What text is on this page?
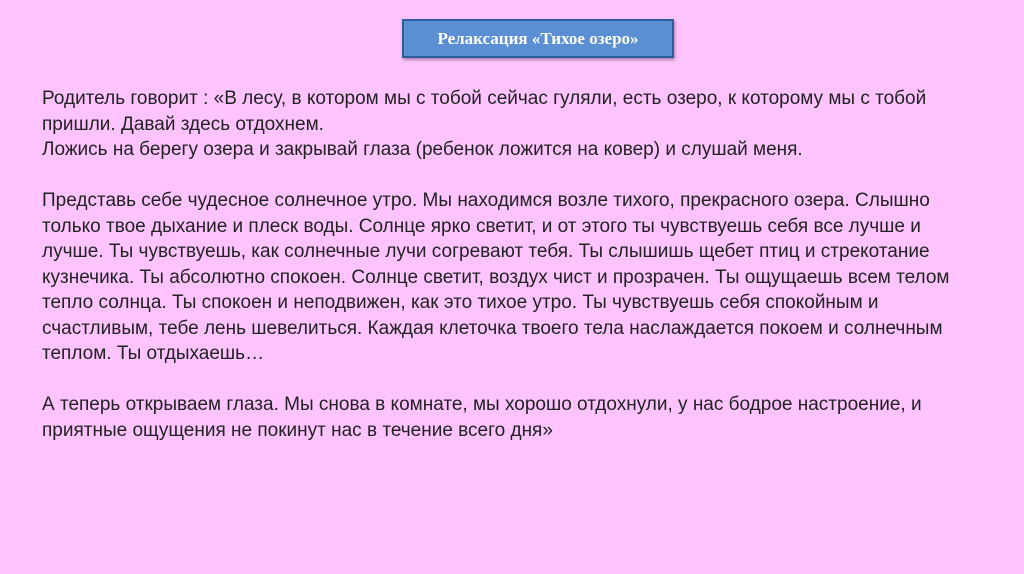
Релаксация «Тихое озеро»

Родитель говорит : «В лесу, в котором мы с тобой сейчас гуляли, есть озеро, к которому мы с тобой
пришли. Давай здесь отдохнем.
Ложись на берегу озера и закрывай глаза (ребенок ложится на ковер) и слушай меня.

Представь себе чудесное солнечное утро. Мы находимся возле тихого, прекрасного озера. Слышно
только твое дыхание и плеск воды. Солнце ярко светит, и от этого ты чувствуешь себя все лучше и
лучше. Ты чувствуешь, как солнечные лучи согревают тебя. Ты слышишь щебет птиц и стрекотание
кузнечика. Ты абсолютно спокоен. Солнце светит, воздух чист и прозрачен. Ты ощущаешь всем телом
тепло солнца. Ты спокоен и неподвижен, как это тихое утро. Ты чувствуешь себя спокойным и
счастливым, тебе лень шевелиться. Каждая клеточка твоего тела наслаждается покоем и солнечным
теплом. Ты отдыхаешь…

А теперь открываем глаза. Мы снова в комнате, мы хорошо отдохнули, у нас бодрое настроение, и
приятные ощущения не покинут нас в течение всего дня»
